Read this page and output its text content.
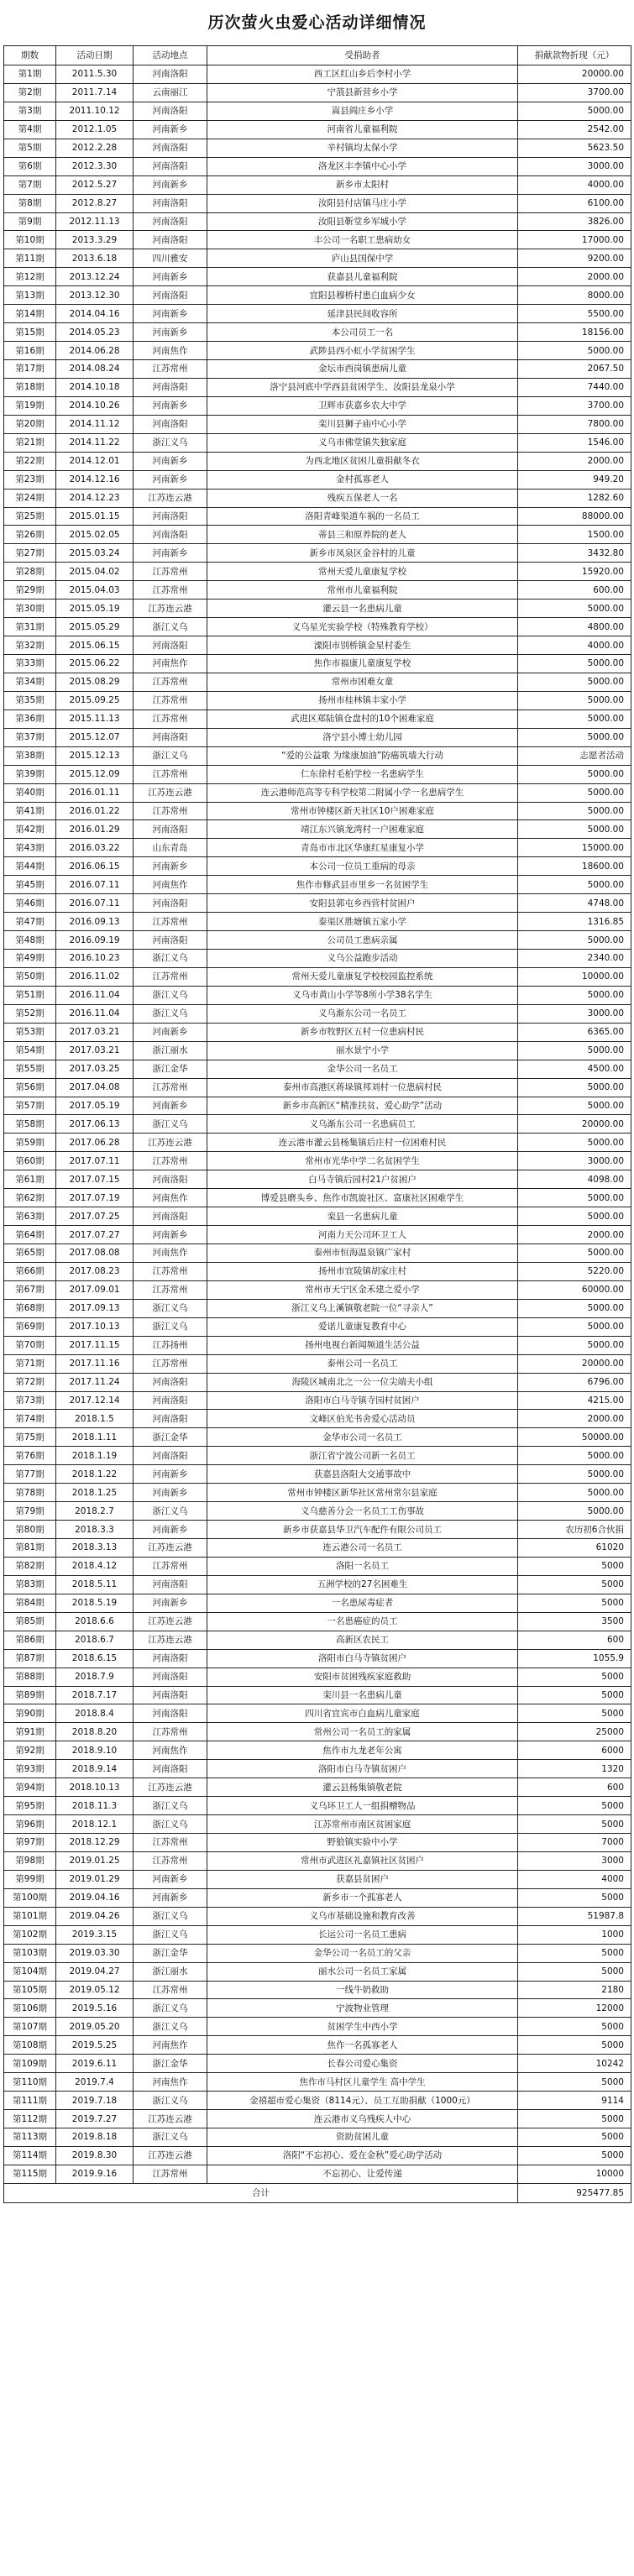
历次萤火虫爱心活动详细情况
期数	活动日期	活动地点	受捐助者	捐献款物折现（元）
第1期	2011.5.30	河南洛阳	西工区红山乡后李村小学	20000.00
第2期	2011.7.14	云南丽江	宁蒗县新营乡小学	3700.00
第3期	2011.10.12	河南洛阳	嵩县阎庄乡小学	5000.00
第4期	2012.1.05	河南新乡	河南省儿童福利院	2542.00
第5期	2012.2.28	河南洛阳	辛村镇均太保小学	5623.50
第6期	2012.3.30	河南洛阳	洛龙区丰李镇中心小学	3000.00
第7期	2012.5.27	河南新乡	新乡市太阳村	4000.00
第8期	2012.8.27	河南洛阳	汝阳县付店镇马庄小学	6100.00
第9期	2012.11.13	河南洛阳	汝阳县靳堂乡军城小学	3826.00
第10期	2013.3.29	河南洛阳	丰公司一名职工患病幼女	17000.00
第11期	2013.6.18	四川雅安	庐山县国保中学	9200.00
第12期	2013.12.24	河南新乡	获嘉县儿童福利院	2000.00
第13期	2013.12.30	河南洛阳	宜阳县穆桥村患白血病少女	8000.00
第14期	2014.04.16	河南新乡	延津县民间收容所	5500.00
第15期	2014.05.23	河南新乡	本公司员工一名	18156.00
第16期	2014.06.28	河南焦作	武陟县西小虹小学贫困学生	5000.00
第17期	2014.08.24	江苏常州	金坛市西岗镇患病儿童	2067.50
第18期	2014.10.18	河南洛阳	洛宁县河底中学西县贫困学生、汝阳县龙泉小学	7440.00
第19期	2014.10.26	河南新乡	卫辉市获嘉乡农大中学	3700.00
第20期	2014.11.12	河南洛阳	栾川县狮子庙中心小学	7800.00
第21期	2014.11.22	浙江义乌	义乌市佛堂镇失独家庭	1546.00
第22期	2014.12.01	河南新乡	为西北地区贫困儿童捐献冬衣	2000.00
第23期	2014.12.16	河南新乡	金村孤寡老人	949.20
第24期	2014.12.23	江苏连云港	残疾五保老人一名	1282.60
第25期	2015.01.15	河南洛阳	洛阳青峰渠道车祸的一名员工	88000.00
第26期	2015.02.05	河南洛阳	蒂县三和原养院的老人	1500.00
第27期	2015.03.24	河南新乡	新乡市凤泉区金谷村的儿童	3432.80
第28期	2015.04.02	江苏常州	常州天爱儿童康复学校	15920.00
第29期	2015.04.03	江苏常州	常州市儿童福利院	600.00
第30期	2015.05.19	江苏连云港	灌云县一名患病儿童	5000.00
第31期	2015.05.29	浙江义乌	义乌星光实验学校（特殊教育学校）	4800.00
第32期	2015.06.15	河南洛阳	溧阳市别桥镇金星村委生	4000.00
第33期	2015.06.22	河南焦作	焦作市福康儿童康复学校	5000.00
第34期	2015.08.29	江苏常州	常州市困难女童	5000.00
第35期	2015.09.25	江苏常州	扬州市桂林镇丰家小学	5000.00
第36期	2015.11.13	江苏常州	武进区郑陆镇仓盘村的10个困难家庭	5000.00
第37期	2015.12.07	河南洛阳	洛宁县小博士幼儿园	5000.00
第38期	2015.12.13	浙江义乌	“爱的公益歌 为缘康加油”防癌筑墙大行动	志愿者活动
第39期	2015.12.09	江苏常州	仁东徐村毛柏学校一名患病学生	5000.00
第40期	2016.01.11	江苏连云港	连云港师范高等专科学校第二附属小学一名患病学生	5000.00
第41期	2016.01.22	江苏常州	常州市钟楼区新天社区10户困难家庭	5000.00
第42期	2016.01.29	河南洛阳	靖江东兴镇龙湾村一户困难家庭	5000.00
第43期	2016.03.22	山东青岛	青岛市市北区华康红星康复小学	15000.00
第44期	2016.06.15	河南新乡	本公司一位员工重病的母亲	18600.00
第45期	2016.07.11	河南焦作	焦作市修武县市里乡一名贫困学生	5000.00
第46期	2016.07.11	河南洛阳	安阳县郭屯乡西营村贫困户	4748.00
第47期	2016.09.13	江苏常州	泰渠区胜塘镇五家小学	1316.85
第48期	2016.09.19	河南洛阳	公司员工患病亲属	5000.00
第49期	2016.10.23	浙江义乌	义乌公益跑步活动	2340.00
第50期	2016.11.02	江苏常州	常州天爱儿童康复学校校园监控系统	10000.00
第51期	2016.11.04	浙江义乌	义乌市黄山小学等8所小学38名学生	5000.00
第52期	2016.11.04	浙江义乌	义乌渐东公司一名员工	3000.00
第53期	2017.03.21	河南新乡	新乡市牧野区五村一位患病村民	6365.00
第54期	2017.03.21	浙江丽水	丽水景宁小学	5000.00
第55期	2017.03.25	浙江金华	金华公司一名员工	4500.00
第56期	2017.04.08	江苏常州	泰州市高港区蒋垛镇邦刘村一位患病村民	5000.00
第57期	2017.05.19	河南新乡	新乡市高新区“精准扶贫、爱心助学”活动	5000.00
第58期	2017.06.13	浙江义乌	义乌渐东公司一名患病员工	20000.00
第59期	2017.06.28	江苏连云港	连云港市灌云县杨集镇后庄村一位困难村民	5000.00
第60期	2017.07.11	江苏常州	常州市光华中学二名贫困学生	3000.00
第61期	2017.07.15	河南洛阳	白马寺镇后园村21户贫困户	4098.00
第62期	2017.07.19	河南焦作	博爱县磨头乡、焦作市凯旋社区、富康社区困难学生	5000.00
第63期	2017.07.25	河南洛阳	栾县一名患病儿童	5000.00
第64期	2017.07.27	河南新乡	河南力天公司环卫工人	2000.00
第65期	2017.08.08	河南焦作	泰州市恒海温泉镇广家村	5000.00
第66期	2017.08.23	江苏常州	扬州市宜陵镇胡家庄村	5220.00
第67期	2017.09.01	江苏常州	常州市天宁区金禾建之爱小学	60000.00
第68期	2017.09.13	浙江义乌	浙江义乌上溪镇敬老院一位“寻亲人”	5000.00
第69期	2017.10.13	浙江义乌	爱诺儿童康复教育中心	5000.00
第70期	2017.11.15	江苏扬州	扬州电视台新闻频道生活公益	5000.00
第71期	2017.11.16	江苏常州	泰州公司一名员工	20000.00
第72期	2017.11.24	河南洛阳	海陵区城南北之一公一位尖端夫小组	6796.00
第73期	2017.12.14	河南洛阳	洛阳市白马寺镇寺园村贫困户	4215.00
第74期	2018.1.5	河南洛阳	文峰区伯光书舍爱心活动员	2000.00
第75期	2018.1.11	浙江金华	金华市公司一名员工	50000.00
第76期	2018.1.19	河南洛阳	浙江省宁波公司新一名员工	5000.00
第77期	2018.1.22	河南新乡	获嘉县洛阳大交通事故中	5000.00
第78期	2018.1.25	河南新乡	常州市钟楼区新华社区常州常尔县家庭	5000.00
第79期	2018.2.7	浙江义乌	义乌慈善分会一名员工工伤事故	5000.00
第80期	2018.3.3	河南新乡	新乡市获嘉县华卫汽车配件有限公司员工	农历初6合伙捐
第81期	2018.3.13	江苏连云港	连云港公司一名员工	61020
第82期	2018.4.12	江苏常州	洛阳一名员工	5000
第83期	2018.5.11	河南洛阳	五洲学校的27名困难生	5000
第84期	2018.5.19	河南新乡	一名患尿毒症者	5000
第85期	2018.6.6	江苏连云港	一名患癌症的员工	3500
第86期	2018.6.7	江苏连云港	高新区农民工	600
第87期	2018.6.15	河南洛阳	洛阳市白马寺镇贫困户	1055.9
第88期	2018.7.9	河南洛阳	安阳市贫困残疾家庭救助	5000
第89期	2018.7.17	河南洛阳	栾川县一名患病儿童	5000
第90期	2018.8.4	河南洛阳	四川省宜宾市白血病儿童家庭	5000
第91期	2018.8.20	江苏常州	常州公司一名员工的家属	25000
第92期	2018.9.10	河南焦作	焦作市九龙老年公寓	6000
第93期	2018.9.14	河南洛阳	洛阳市白马寺镇贫困户	1320
第94期	2018.10.13	江苏连云港	灌云县杨集镇敬老院	600
第95期	2018.11.3	浙江义乌	义乌环卫工人一组捐赠物品	5000
第96期	2018.12.1	浙江义乌	江苏常州市南区贫困家庭	5000
第97期	2018.12.29	江苏常州	野狼镇实验中小学	7000
第98期	2019.01.25	江苏常州	常州市武进区礼嘉镇社区贫困户	3000
第99期	2019.01.29	河南新乡	获嘉县贫困户	4000
第100期	2019.04.16	河南新乡	新乡市一个孤寡老人	5000
第101期	2019.04.26	浙江义乌	义乌市基础设施和教育改善	51987.8
第102期	2019.3.15	浙江义乌	长运公司一名员工患病	1000
第103期	2019.03.30	浙江金华	金华公司一名员工的父亲	5000
第104期	2019.04.27	浙江丽水	丽水公司一名员工家属	5000
第105期	2019.05.12	江苏常州	一线牛奶救助	2180
第106期	2019.5.16	浙江义乌	宁波物业管理	12000
第107期	2019.05.20	浙江义乌	贫困学生中西小学	5000
第108期	2019.5.25	河南焦作	焦作一名孤寡老人	5000
第109期	2019.6.11	浙江金华	长春公司爱心集资	10242
第110期	2019.7.4	河南焦作	焦作市马村区儿童学生 高中学生	5000
第111期	2019.7.18	浙江义乌	金禧超市爱心集资（8114元）、员工互助捐献（1000元）	9114
第112期	2019.7.27	江苏连云港	连云港市义乌残疾人中心	5000
第113期	2019.8.18	浙江义乌	资助贫困儿童	5000
第114期	2019.8.30	江苏连云港	洛阳“不忘初心、爱在金秋”爱心助学活动	5000
第115期	2019.9.16	江苏常州	不忘初心、让爱传递	10000
合计				925477.85
